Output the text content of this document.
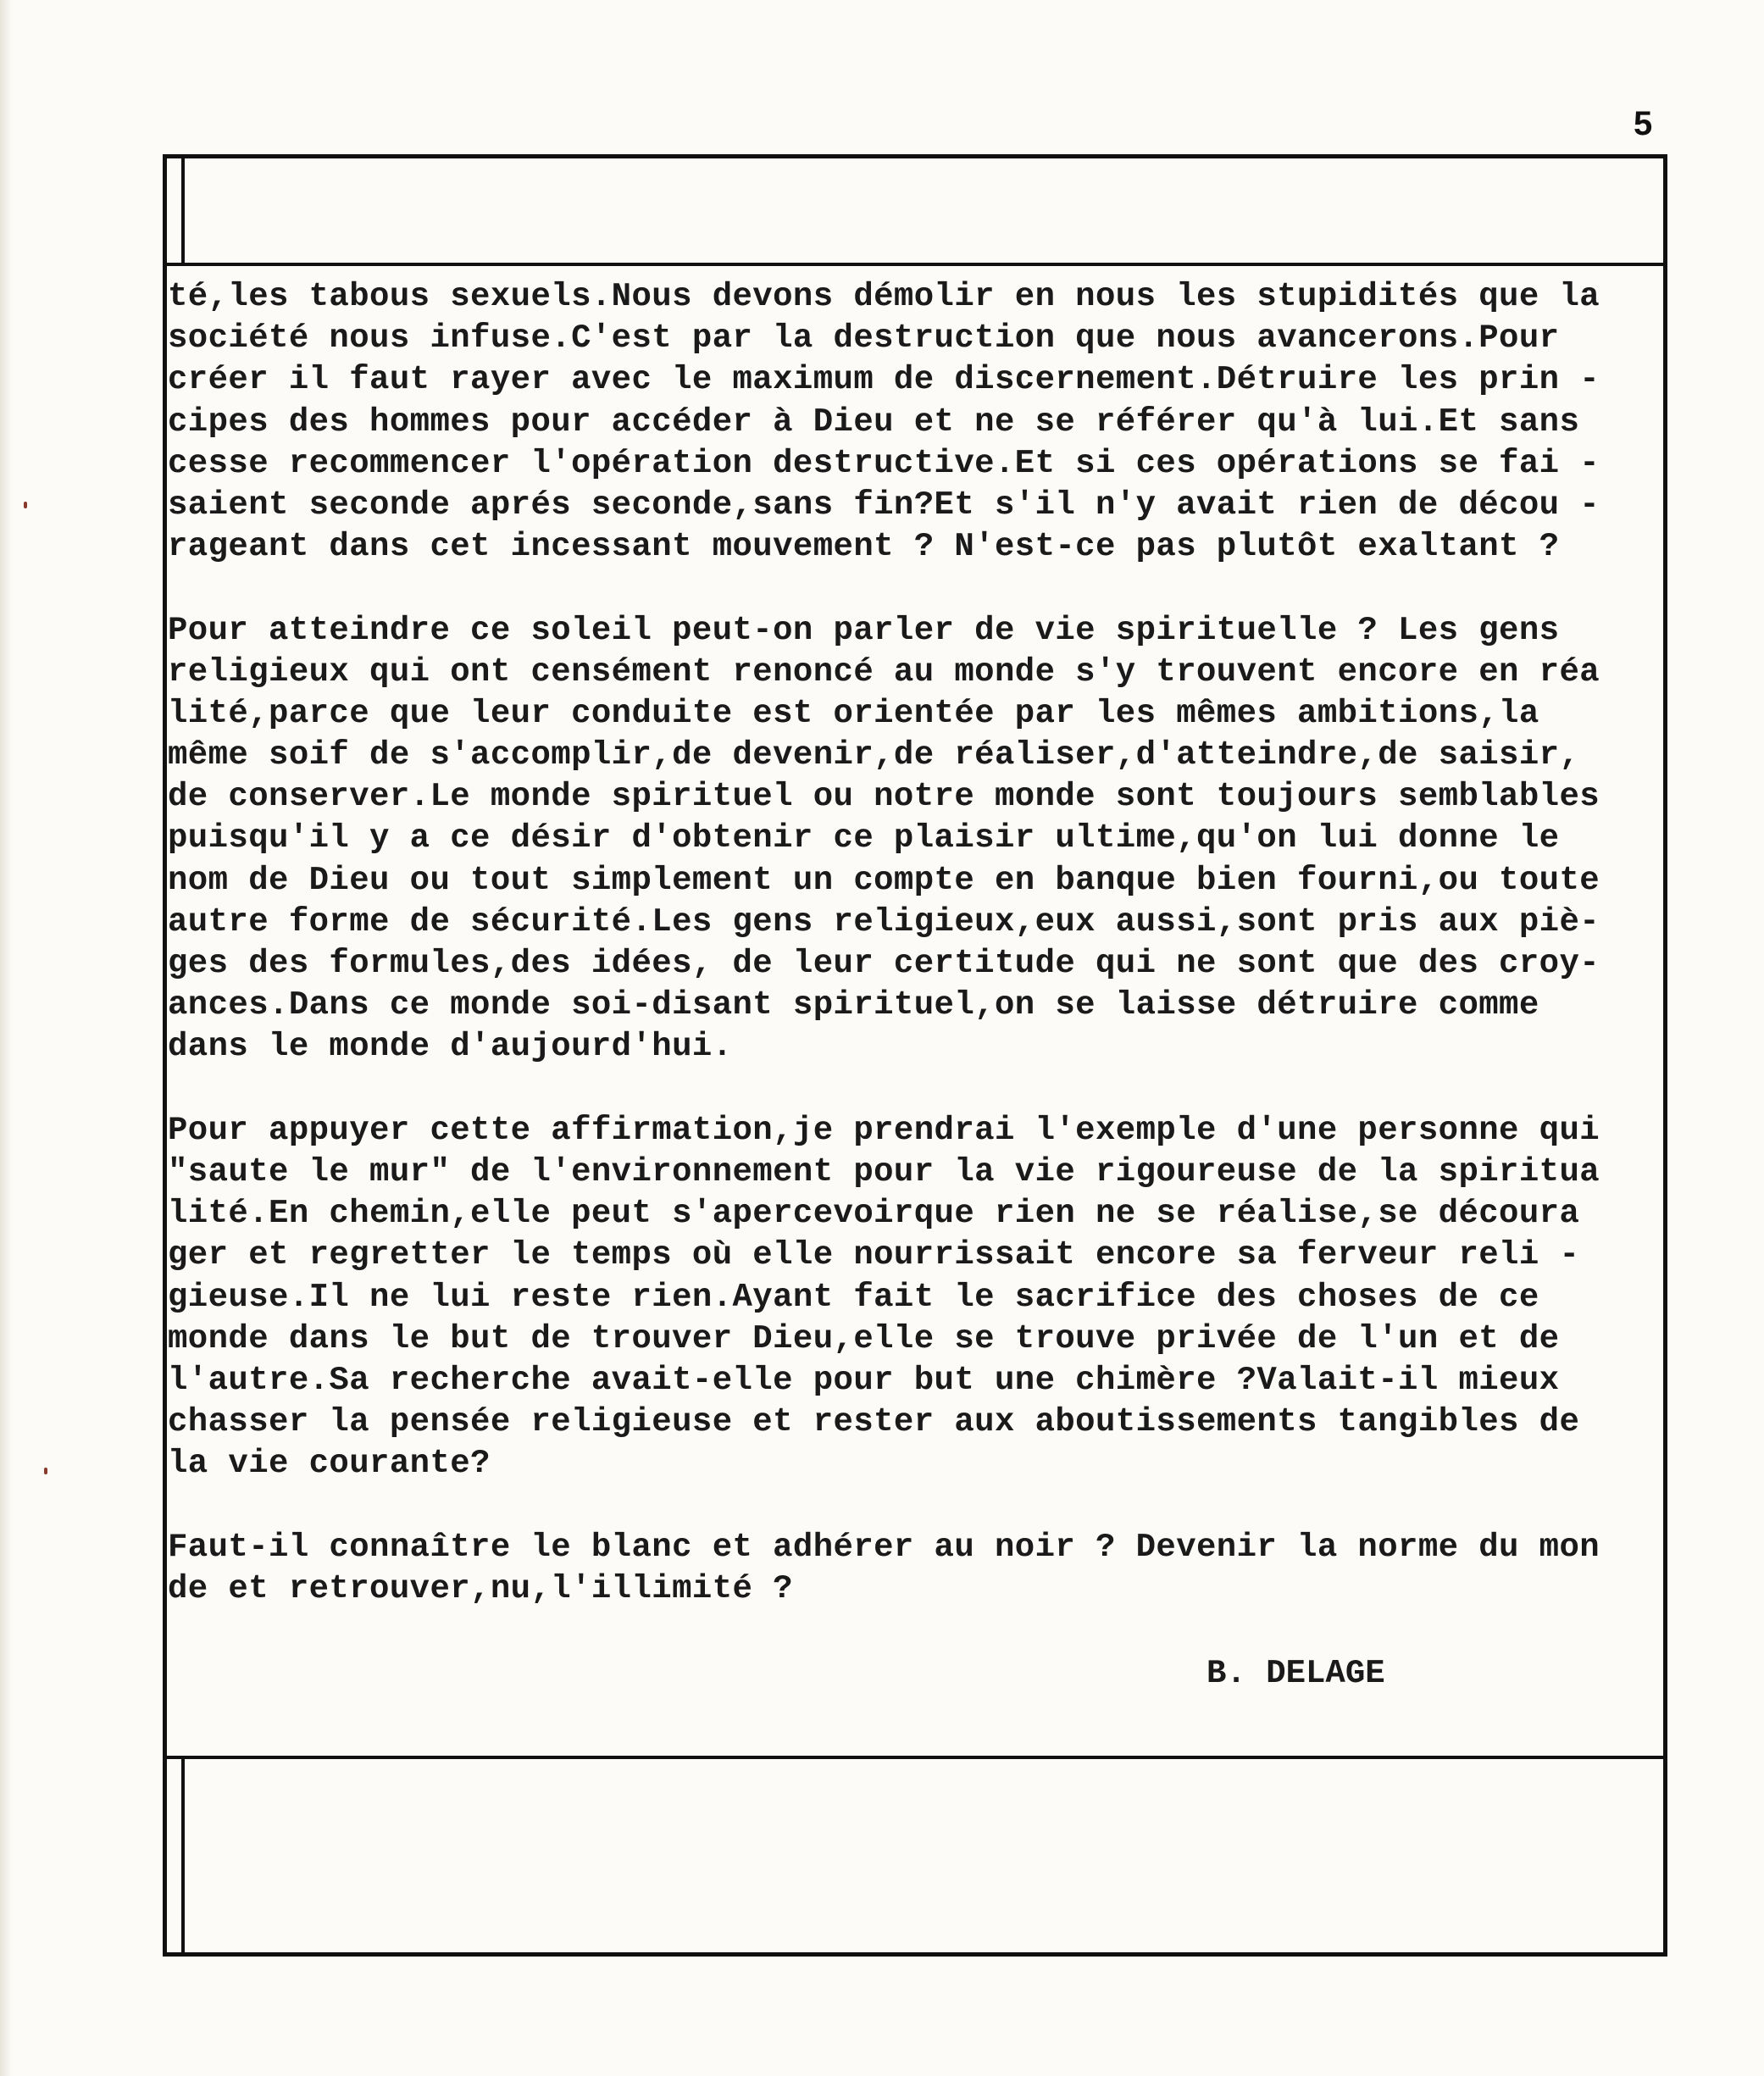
5
té,les tabous sexuels.Nous devons démolir en nous les stupidités que la
société nous infuse.C'est par la destruction que nous avancerons.Pour
créer il faut rayer avec le maximum de discernement.Détruire les prin -
cipes des hommes pour accéder à Dieu et ne se référer qu'à lui.Et sans
cesse recommencer l'opération destructive.Et si ces opérations se fai -
saient seconde aprés seconde,sans fin?Et s'il n'y avait rien de décou -
rageant dans cet incessant mouvement ? N'est-ce pas plutôt exaltant ?
Pour atteindre ce soleil peut-on parler de vie spirituelle ? Les gens
religieux qui ont censément renoncé au monde s'y trouvent encore en réa
lité,parce que leur conduite est orientée par les mêmes ambitions,la
même soif de s'accomplir,de devenir,de réaliser,d'atteindre,de saisir,
de conserver.Le monde spirituel ou notre monde sont toujours semblables
puisqu'il y a ce désir d'obtenir ce plaisir ultime,qu'on lui donne le
nom de Dieu ou tout simplement un compte en banque bien fourni,ou toute
autre forme de sécurité.Les gens religieux,eux aussi,sont pris aux piè-
ges des formules,des idées, de leur certitude qui ne sont que des croy-
ances.Dans ce monde soi-disant spirituel,on se laisse détruire comme
dans le monde d'aujourd'hui.
Pour appuyer cette affirmation,je prendrai l'exemple d'une personne qui
"saute le mur" de l'environnement pour la vie rigoureuse de la spiritua
lité.En chemin,elle peut s'apercevoirque rien ne se réalise,se découra
ger et regretter le temps où elle nourrissait encore sa ferveur reli -
gieuse.Il ne lui reste rien.Ayant fait le sacrifice des choses de ce
monde dans le but de trouver Dieu,elle se trouve privée de l'un et de
l'autre.Sa recherche avait-elle pour but une chimère ?Valait-il mieux
chasser la pensée religieuse et rester aux aboutissements tangibles de
la vie courante?
Faut-il connaître le blanc et adhérer au noir ? Devenir la norme du mon
de et retrouver,nu,l'illimité ?
B. DELAGE
